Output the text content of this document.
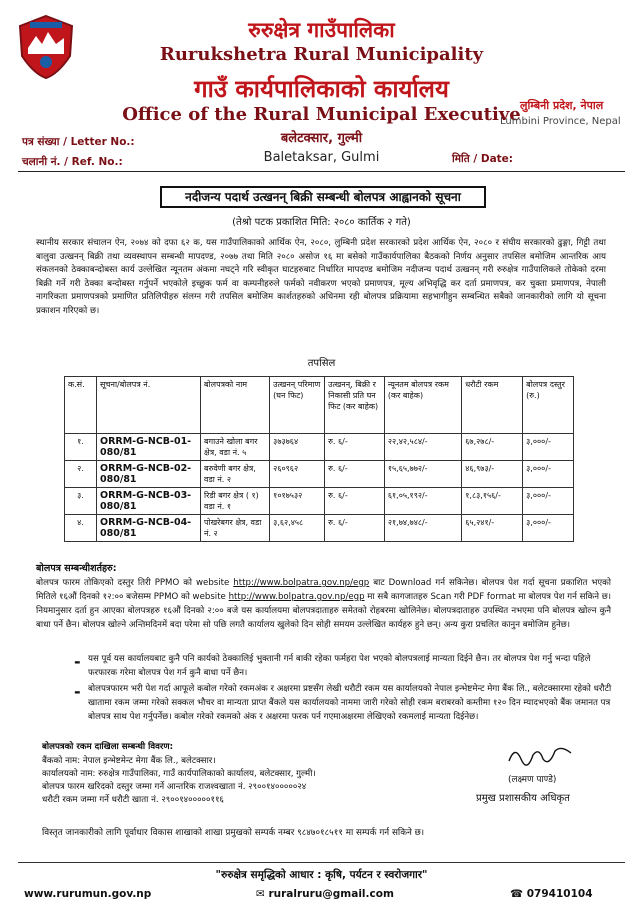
रुरुक्षेत्र गाउँपालिका
Rurukshetra Rural Municipality
गाउँ कार्यपालिकाको कार्यालय
Office of the Rural Municipal Executive
बलेटक्सार, गुल्मी
Baletaksar, Gulmi
लुम्बिनी प्रदेश, नेपाल
Lumbini Province, Nepal
पत्र संख्या / Letter No.:
चलानी नं. / Ref. No.:	मिति / Date:
नदीजन्य पदार्थ उत्खनन् बिक्री सम्बन्धी बोलपत्र आह्वानको सूचना
(तेश्रो पटक प्रकाशित मिति: २०८० कार्तिक २ गते)
स्थानीय सरकार संचालन ऐन, २०७४ को दफा ६२ क, यस गाउँपालिकाको आर्थिक ऐन, २०८०, लुम्बिनी प्रदेश सरकारको प्रदेश आर्थिक ऐन, २०८० र संघीय सरकारको ढुङ्गा, गिट्टी तथा बालुवा उत्खनन् बिक्री तथा व्यवस्थापन सम्बन्धी मापदण्ड, २०७७ तथा मिति २०८० असोज १६ मा बसेको गाउँकार्यपालिका बैठकको निर्णय अनुसार तपसिल बमोजिम आन्तरिक आय संकलनको ठेक्काबन्दोबस्त कार्य उल्लेखित न्यूनतम अंकमा नघट्ने गरि स्वीकृत घाटहरुबाट निर्धारित मापदण्ड बमोजिम नदीजन्य पदार्थ उत्खनन् गरी रुरुक्षेत्र गाउँपालिकले तोकेको दरमा बिक्री गर्ने गरी ठेक्का बन्दोबस्त गर्नुपर्ने भएकोले इच्छुक फर्म वा कम्पनीहरुले फर्मको नवीकरण भएको प्रमाणपत्र, मूल्य अभिवृद्धि कर दर्ता प्रमाणपत्र, कर चुक्ता प्रमाणपत्र, नेपाली नागरिकता प्रमाणपत्रको प्रमाणित प्रतिलिपीहरु संलग्न गरी तपसिल बमोजिम कार्शतहरुको अधिनमा रही बोलपत्र प्रक्रियामा सहभागीहुन सम्बन्धित सबैको जानकारीको लागि यो सूचना प्रकाशन गरिएको छ।
तपसिल
क.सं.	सूचना/बोलपत्र नं.	बोलपत्रको नाम	उत्खनन् परिमाण (घन फिट)	उत्खनन्, बिक्री र निकासी प्रति घन फिट (कर बाहेक)	न्यूनतम बोलपत्र रकम (कर बाहेक)	धरौटी रकम	बोलपत्र दस्तुर (रु.)
१.	ORRM-G-NCB-01-080/81	बगाउने खोला बगर क्षेत्र, वडा नं. ५	३७३७६४	रु. ६/-	२२,४२,५८४/-	६७,२७८/-	३,०००/-
२.	ORRM-G-NCB-02-080/81	बरुवेणी बगर क्षेत्र, वडा नं. २	२६०९६२	रु. ६/-	१५,६५,७७२/-	४६,९७३/-	३,०००/-
३.	ORRM-G-NCB-03-080/81	रिडी बगर क्षेत्र ( १) वडा नं. १	१०१७५३२	रु. ६/-	६१,०५,१९२/-	१,८३,१५६/-	३,०००/-
४.	ORRM-G-NCB-04-080/81	पोखरेबगर क्षेत्र, वडा नं. २	३,६२,४५८	रु. ६/-	२१,७४,७४८/-	६५,२४१/-	३,०००/-
बोलपत्र सम्बन्धीशर्तहरु:
बोलपत्र फारम तोकिएको दस्तुर तिरी PPMO को website http://www.bolpatra.gov.np/egp बाट Download गर्न सकिनेछ। बोलपत्र पेश गर्दा सूचना प्रकाशित भएको मितिले १६औं दिनको १२:०० बजेसम्म PPMO को website http://www.bolpatra.gov.np/egp मा सबै कागजातहरु Scan गरी PDF format मा बोलपत्र पेश गर्न सकिने छ। नियमानुसार दर्ता हुन आएका बोलपत्रहरु १६औं दिनको २:०० बजे यस कार्यालयमा बोलपत्रदाताहरु समेतको रोहबरमा खोलिनेछ। बोलपत्रदाताहरु उपस्थित नभएमा पनि बोलपत्र खोल्न कुनै बाधा पर्ने छैन। बोलपत्र खोल्ने अन्तिमदिनमें बदा परेमा सो पछि लगतै कार्यालय खुलेको दिन सोही समयम उल्लेखित कार्यहरु हुने छन्। अन्य कुरा प्रचलित कानुन बमोजिम हुनेछ।
- यस पूर्व यस कार्यालयबाट कुनै पनि कार्यको ठेक्कालिई भुक्तानी गर्न बाकी रहेका फर्महरा पेश भएको बोलपत्रलाई मान्यता दिईने छैन। तर बोलपत्र पेश गर्नु भन्दा पहिले फरफारक गरेमा बोलपत्र पेश गर्न कुनै बाधा पर्ने छैन।
- बोलपत्रफारम भरी पेश गर्दा आफूले कबोल गरेको रकमअंक र अक्षरमा प्रष्टसँग लेखी धरौटी रकम यस कार्यालयको नेपाल इन्भेष्टमेन्ट मेगा बैंक लि., बलेटक्सारमा रहेको धरौटी खातामा रकम जम्मा गरेको सक्कल भौचर वा मान्यता प्राप्त बैंकले यस कार्यालयको नाममा जारी गरेको सोही रकम बराबरको कम्तीमा १२० दिन म्यादभएको बैंक जमानत पत्र बोलपत्र साथ पेश गर्नुपर्नेछ। कबोल गरेको रकमको अंक र अक्षरमा फरक पर्न गएमाअक्षरमा लेखिएको रकमलाई मान्यता दिईनेछ।
बोलपत्रको रकम दाखिला सम्बन्धी विवरण:
बैंकको नाम: नेपाल इन्भेष्टमेन्ट मेगा बैंक लि., बलेटक्सार।
कार्यालयको नाम: रुरुक्षेत्र गाउँपालिका, गाउँ कार्यपालिकाको कार्यालय, बलेटक्सार, गुल्मी।
बोलपत्र फारम खरिदको दस्तुर जम्मा गर्ने आन्तरिक राजश्वखाता नं. २९००१४०००००२४
धरौटी रकम जम्मा गर्ने धरौटी खाता नं. २९००१४०००००११६
(लक्ष्मण पाण्डे)
प्रमुख प्रशासकीय अधिकृत
विस्तृत जानकारीको लागि पूर्वाधार विकास शाखाको शाखा प्रमुखको सम्पर्क नम्बर ९८४७०१८५११ मा सम्पर्क गर्न सकिने छ।
"रुरुक्षेत्र समृद्धिको आधार : कृषि, पर्यटन र स्वरोजगार"
www.rurumun.gov.np	✉ ruralruru@gmail.com	☎ 079410104
